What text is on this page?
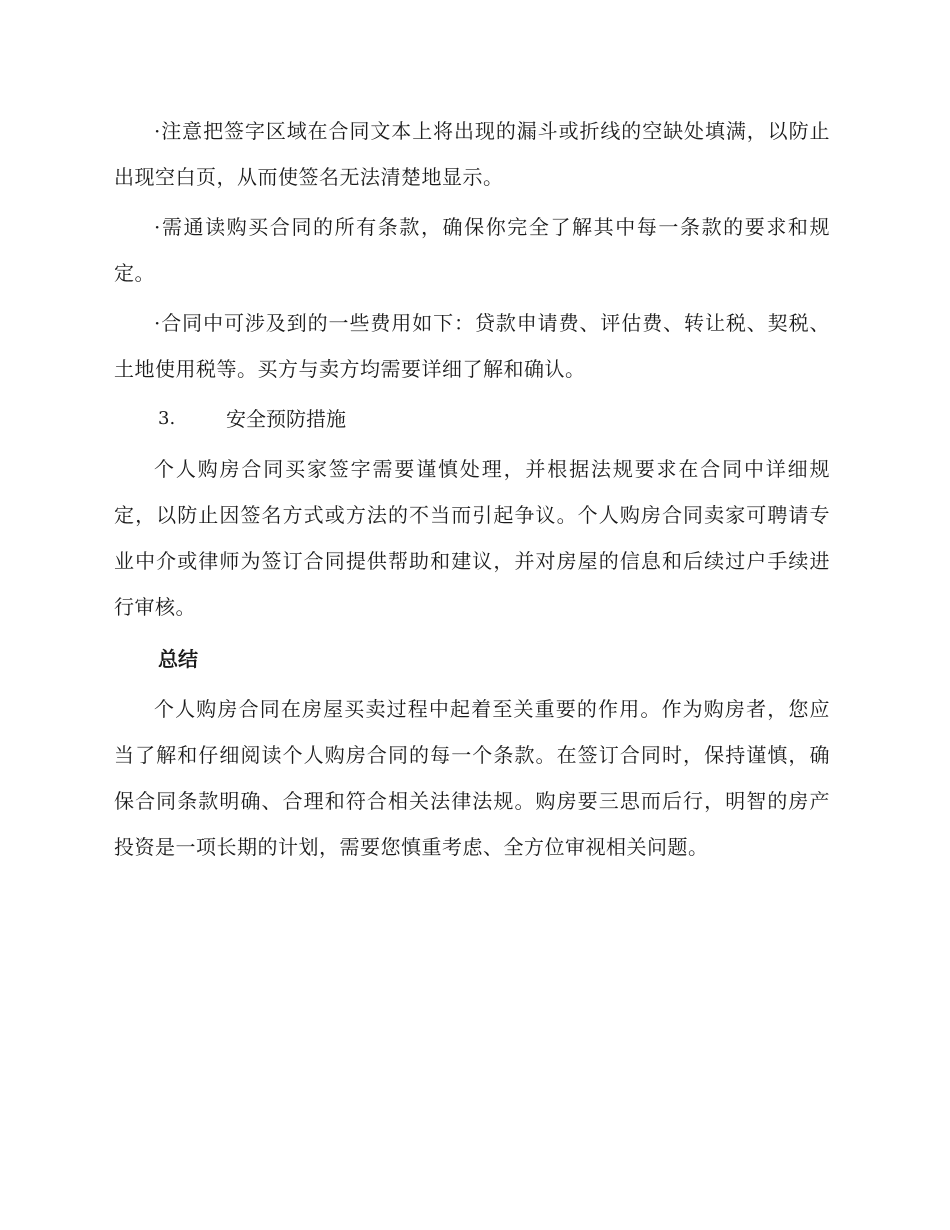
·注意把签字区域在合同文本上将出现的漏斗或折线的空缺处填满，以防止出现空白页，从而使签名无法清楚地显示。

·需通读购买合同的所有条款，确保你完全了解其中每一条款的要求和规定。

·合同中可涉及到的一些费用如下：贷款申请费、评估费、转让税、契税、土地使用税等。买方与卖方均需要详细了解和确认。

3.	安全预防措施

个人购房合同买家签字需要谨慎处理，并根据法规要求在合同中详细规定，以防止因签名方式或方法的不当而引起争议。个人购房合同卖家可聘请专业中介或律师为签订合同提供帮助和建议，并对房屋的信息和后续过户手续进行审核。

总结

个人购房合同在房屋买卖过程中起着至关重要的作用。作为购房者，您应当了解和仔细阅读个人购房合同的每一个条款。在签订合同时，保持谨慎，确保合同条款明确、合理和符合相关法律法规。购房要三思而后行，明智的房产投资是一项长期的计划，需要您慎重考虑、全方位审视相关问题。
